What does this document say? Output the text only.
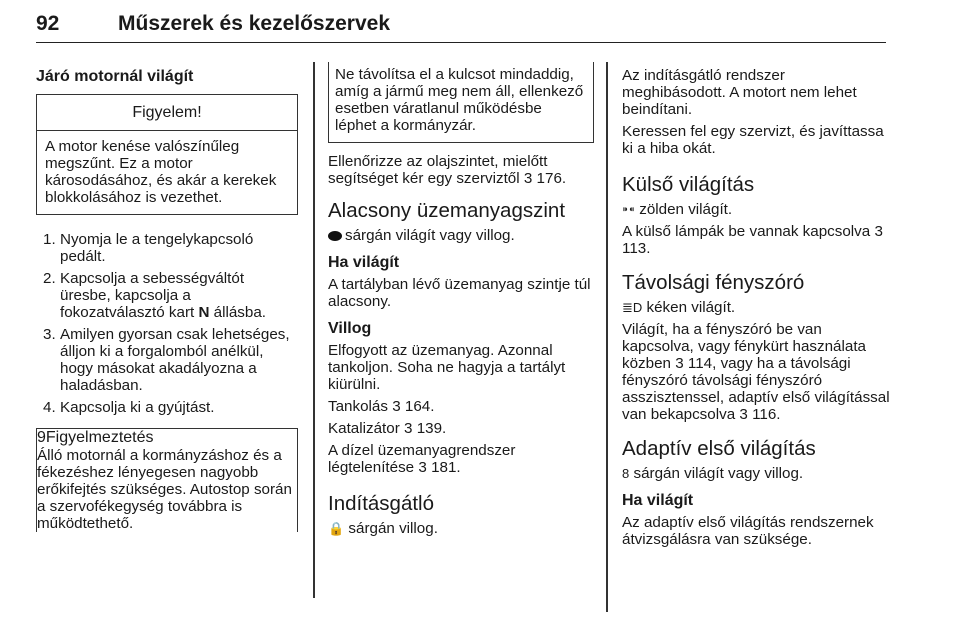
92	Műszerek és kezelőszervek
Járó motornál világít
Figyelem!

A motor kenése valószínűleg megszűnt. Ez a motor károsodásához, és akár a kerekek blokkolásához is vezethet.

1. Nyomja le a tengelykapcsoló pedált.
2. Kapcsolja a sebességváltót üresbe, kapcsolja a fokozatválasztó kart N állásba.
3. Amilyen gyorsan csak lehetséges, álljon ki a forgalomból anélkül, hogy másokat akadályozna a haladásban.
4. Kapcsolja ki a gyújtást.
9Figyelmeztetés

Álló motornál a kormányzáshoz és a fékezéshez lényegesen nagyobb erőkifejtés szükséges. Autostop során a szervofékegység továbbra is működtethető.

Ne távolítsa el a kulcsot mindaddig, amíg a jármű meg nem áll, ellenkező esetben váratlanul működésbe léphet a kormányzár.

Ellenőrizze az olajszintet, mielőtt segítséget kér egy szerviztől 3 176.

Alacsony üzemanyagszint

sárgán világít vagy villog.

Ha világít

A tartályban lévő üzemanyag szintje túl alacsony.

Villog

Elfogyott az üzemanyag. Azonnal tankoljon. Soha ne hagyja a tartályt kiürülni.

Tankolás 3 164.

Katalizátor 3 139.

A dízel üzemanyagrendszer légtelenítése 3 181.

Indításgátló

🔒 sárgán villog.

Az indításgátló rendszer meghibásodott. A motort nem lehet beindítani.

Keressen fel egy szervizt, és javíttassa ki a hiba okát.

Külső világítás

⁍⁌ zölden világít.

A külső lámpák be vannak kapcsolva 3 113.

Távolsági fényszóró

≣D kéken világít.

Világít, ha a fényszóró be van kapcsolva, vagy fénykürt használata közben 3 114, vagy ha a távolsági fényszóró távolsági fényszóró asszisztenssel, adaptív első világítással van bekapcsolva 3 116.

Adaptív első világítás

8 sárgán világít vagy villog.

Ha világít

Az adaptív első világítás rendszernek átvizsgálásra van szüksége.
